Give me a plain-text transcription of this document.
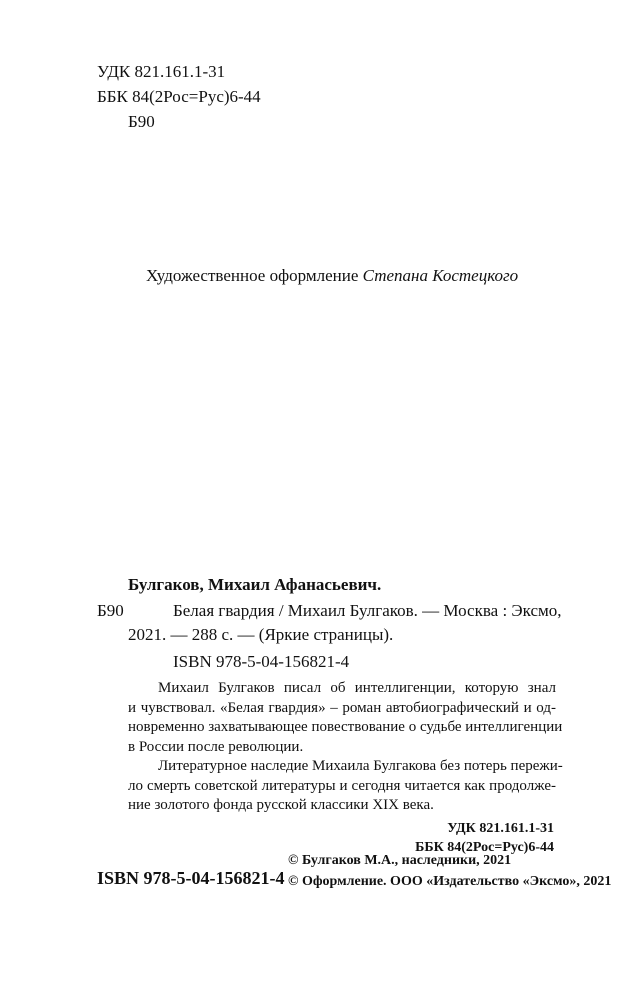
УДК 821.161.1-31
ББК 84(2Рос=Рус)6-44
Б90
Художественное оформление Степана Костецкого
Булгаков, Михаил Афанасьевич.
Б90	Белая гвардия / Михаил Булгаков. — Москва : Эксмо,
2021. — 288 с. — (Яркие страницы).
ISBN 978-5-04-156821-4
Михаил Булгаков писал об интеллигенции, которую знал
и чувствовал. «Белая гвардия» – роман автобиографический и од-
новременно захватывающее повествование о судьбе интеллигенции
в России после революции.
Литературное наследие Михаила Булгакова без потерь пережи-
ло смерть советской литературы и сегодня читается как продолже-
ние золотого фонда русской классики XIX века.
УДК 821.161.1-31
ББК 84(2Рос=Рус)6-44
ISBN 978-5-04-156821-4
© Булгаков М.А., наследники, 2021
© Оформление. ООО «Издательство «Эксмо», 2021
